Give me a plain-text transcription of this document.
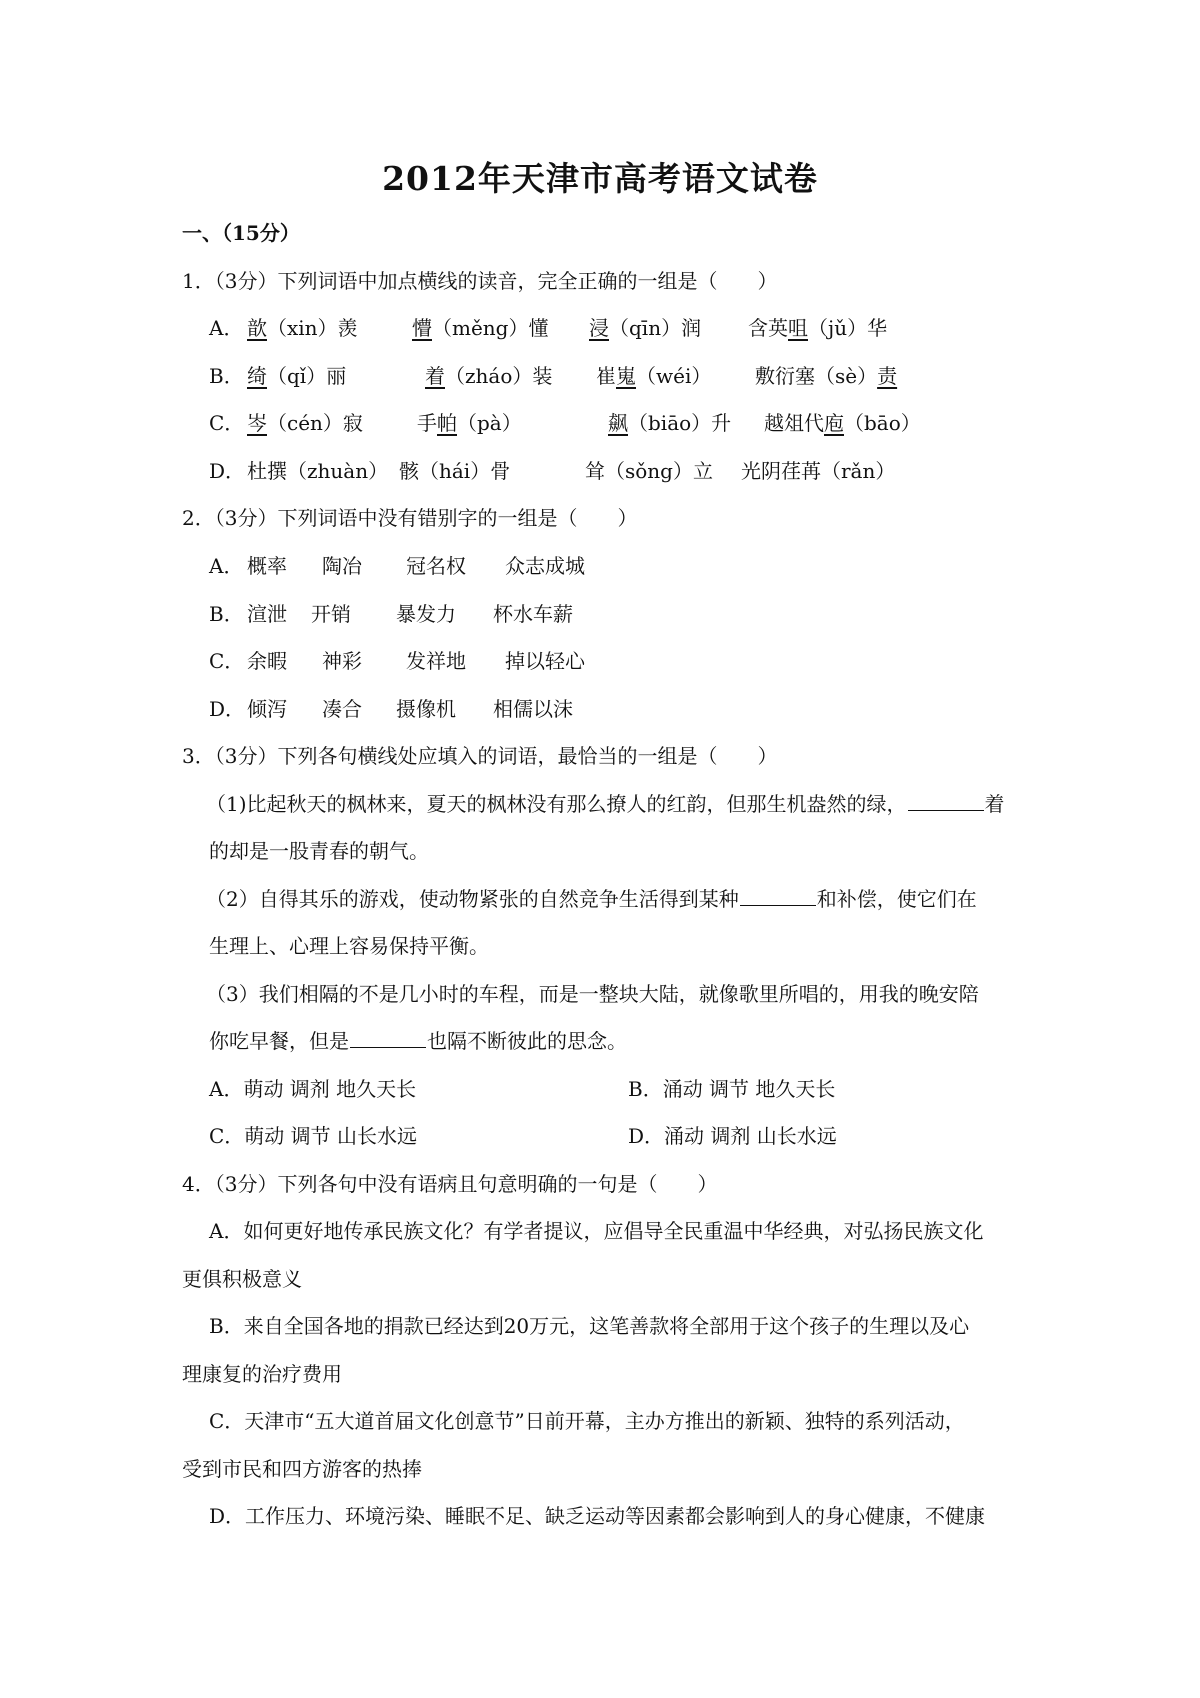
2012年天津市高考语文试卷
一、（15分）
1．（3分）下列词语中加点横线的读音，完全正确的一组是（　　）
A． 歆（xin）羡	懵（měng）懂 浸（qīn）润 含英咀（jǔ）华
B． 绮（qǐ）丽	着（zháo）装 崔嵬（wéi） 敷衍塞（sè）责
C． 岑（cén）寂	手帕（pà）	飙（biāo）升 越俎代庖（bāo）
D． 杜撰（zhuàn） 骸（hái）骨	耸（sǒng）立 光阴荏苒（rǎn）
2．（3分）下列词语中没有错别字的一组是（　　）
A． 概率 陶冶 冠名权 众志成城
B． 渲泄 开销 暴发力 杯水车薪
C． 余暇 神彩 发祥地 掉以轻心
D． 倾泻 凑合 摄像机 相儒以沫
3．（3分）下列各句横线处应填入的词语，最恰当的一组是（　　）
（1)比起秋天的枫林来，夏天的枫林没有那么撩人的红韵，但那生机盎然的绿，	着
的却是一股青春的朝气。
（2）自得其乐的游戏，使动物紧张的自然竞争生活得到某种	和补偿，使它们在
生理上、心理上容易保持平衡。
（3）我们相隔的不是几小时的车程，而是一整块大陆，就像歌里所唱的，用我的晚安陪
你吃早餐，但是	也隔不断彼此的思念。
A．萌动 调剂 地久天长	B．涌动 调节 地久天长
C．萌动 调节 山长水远	D．涌动 调剂 山长水远
4．（3分）下列各句中没有语病且句意明确的一句是（　　）
A．如何更好地传承民族文化？有学者提议，应倡导全民重温中华经典，对弘扬民族文化
更俱积极意义
B．来自全国各地的捐款已经达到20万元，这笔善款将全部用于这个孩子的生理以及心
理康复的治疗费用
C．天津市“五大道首届文化创意节”日前开幕，主办方推出的新颖、独特的系列活动，
受到市民和四方游客的热捧
D．工作压力、环境污染、睡眠不足、缺乏运动等因素都会影响到人的身心健康，不健康
